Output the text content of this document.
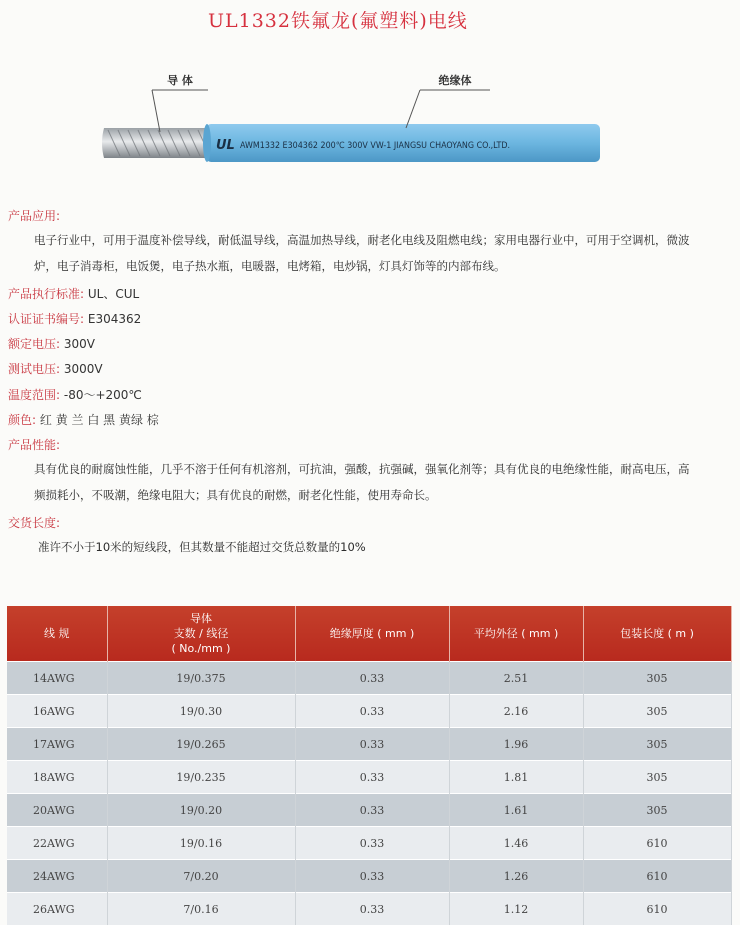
UL1332铁氟龙(氟塑料)电线
导 体	绝缘体
UL AWM1332 E304362 200℃ 300V VW-1 JIANGSU CHAOYANG CO.,LTD.
产品应用:
电子行业中，可用于温度补偿导线，耐低温导线，高温加热导线，耐老化电线及阻燃电线；家用电器行业中，可用于空调机，微波
炉，电子消毒柜，电饭煲，电子热水瓶，电暖器，电烤箱，电炒锅，灯具灯饰等的内部布线。
产品执行标准: UL、CUL
认证证书编号: E304362
额定电压: 300V
测试电压: 3000V
温度范围: -80～+200℃
颜色: 红 黄 兰 白 黑 黄绿 棕
产品性能:
具有优良的耐腐蚀性能，几乎不溶于任何有机溶剂，可抗油，强酸，抗强碱，强氧化剂等；具有优良的电绝缘性能，耐高电压，高
频损耗小，不吸潮，绝缘电阻大；具有优良的耐燃，耐老化性能，使用寿命长。
交货长度:
准许不小于10米的短线段，但其数量不能超过交货总数量的10%
线 规	导体
支数 / 线径
( No./mm )	绝缘厚度 ( mm )	平均外径 ( mm )	包装长度 ( m )
14AWG	19/0.375	0.33	2.51	305
16AWG	19/0.30	0.33	2.16	305
17AWG	19/0.265	0.33	1.96	305
18AWG	19/0.235	0.33	1.81	305
20AWG	19/0.20	0.33	1.61	305
22AWG	19/0.16	0.33	1.46	610
24AWG	7/0.20	0.33	1.26	610
26AWG	7/0.16	0.33	1.12	610
